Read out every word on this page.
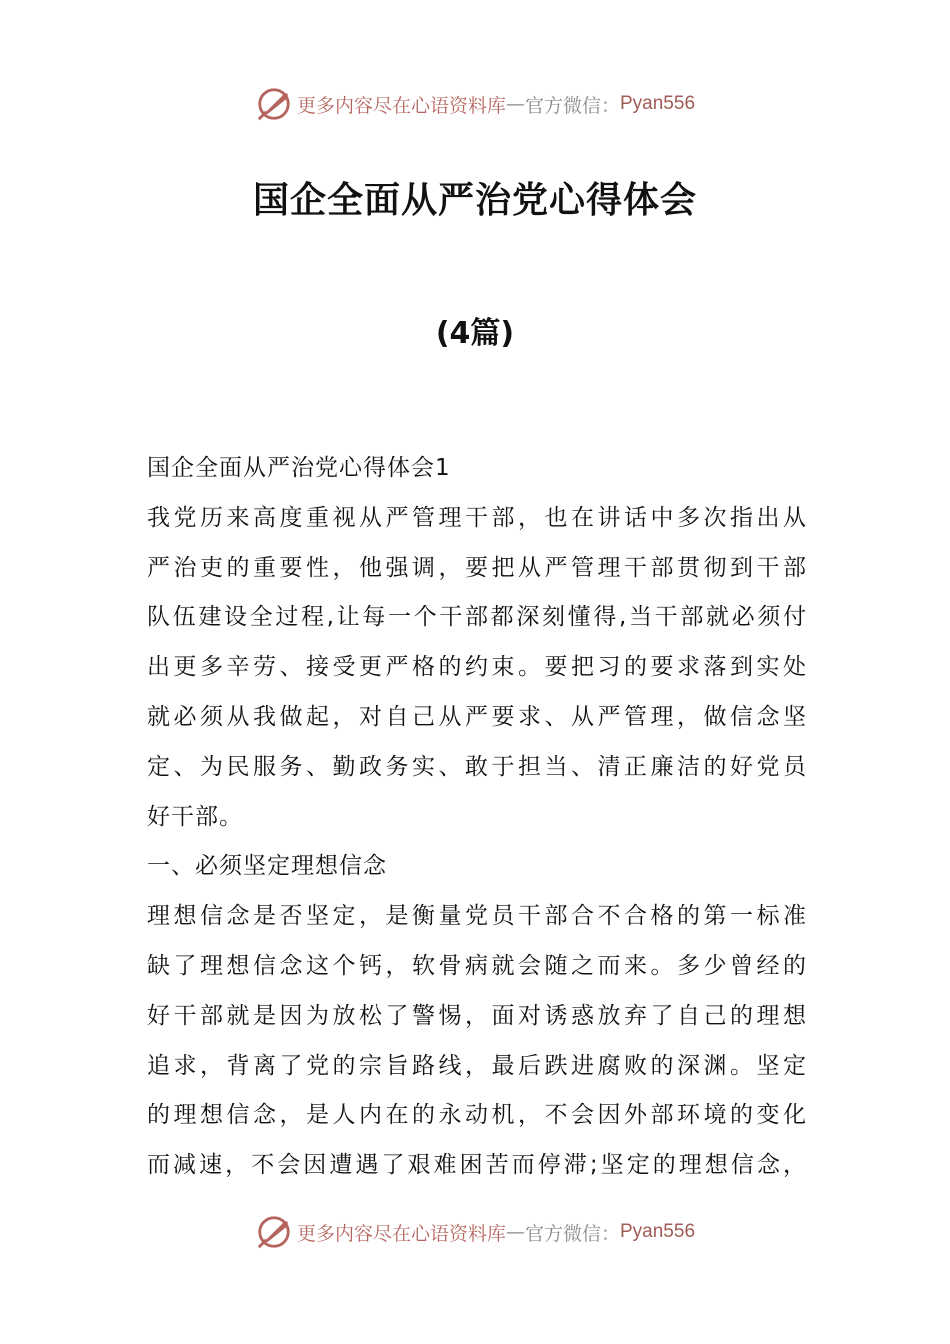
更多内容尽在心语资料库 — 官方微信： Pyan556
国企全面从严治党心得体会
(4篇)

国企全面从严治党心得体会1

我党历来高度重视从严管理干部，也在讲话中多次指出从

严治吏的重要性，他强调，要把从严管理干部贯彻到干部

队伍建设全过程,让每一个干部都深刻懂得,当干部就必须付

出更多辛劳、接受更严格的约束。要把习的要求落到实处

就必须从我做起，对自己从严要求、从严管理，做信念坚

定、为民服务、勤政务实、敢于担当、清正廉洁的好党员

好干部。

一、必须坚定理想信念

理想信念是否坚定，是衡量党员干部合不合格的第一标准

缺了理想信念这个钙，软骨病就会随之而来。多少曾经的

好干部就是因为放松了警惕，面对诱惑放弃了自己的理想

追求，背离了党的宗旨路线，最后跌进腐败的深渊。坚定

的理想信念，是人内在的永动机，不会因外部环境的变化

而减速，不会因遭遇了艰难困苦而停滞;坚定的理想信念，

更多内容尽在心语资料库 — 官方微信： Pyan556
